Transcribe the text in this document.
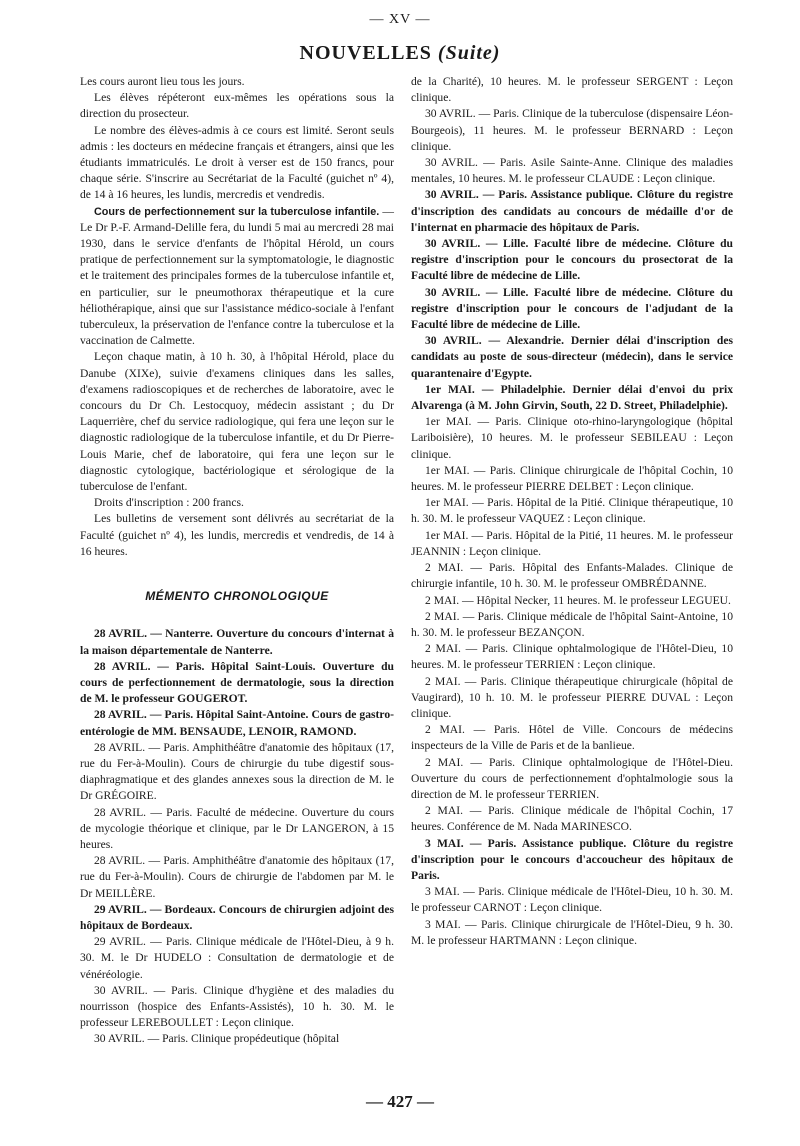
— XV —
NOUVELLES (Suite)

Les cours auront lieu tous les jours.

Les élèves répéteront eux-mêmes les opérations sous la direction du prosecteur.

Le nombre des élèves-admis à ce cours est limité. Seront seuls admis : les docteurs en médecine français et étrangers, ainsi que les étudiants immatriculés. Le droit à verser est de 150 francs, pour chaque série. S'inscrire au Secrétariat de la Faculté (guichet nº 4), de 14 à 16 heures, les lundis, mercredis et vendredis.

Cours de perfectionnement sur la tuberculose infantile. — Le Dr P.-F. Armand-Delille fera, du lundi 5 mai au mercredi 28 mai 1930, dans le service d'enfants de l'hôpital Hérold, un cours pratique de perfectionnement sur la symptomatologie, le diagnostic et le traitement des principales formes de la tuberculose infantile et, en particulier, sur le pneumothorax thérapeutique et la cure héliothérapique, ainsi que sur l'assistance médico-sociale à l'enfant tuberculeux, la préservation de l'enfance contre la tuberculose et la vaccination de Calmette.

Leçon chaque matin, à 10 h. 30, à l'hôpital Hérold, place du Danube (XIXe), suivie d'examens cliniques dans les salles, d'examens radioscopiques et de recherches de laboratoire, avec le concours du Dr Ch. Lestocquoy, médecin assistant ; du Dr Laquerrière, chef du service radiologique, qui fera une leçon sur le diagnostic radiologique de la tuberculose infantile, et du Dr Pierre-Louis Marie, chef de laboratoire, qui fera une leçon sur le diagnostic cytologique, bactériologique et sérologique de la tuberculose de l'enfant.

Droits d'inscription : 200 francs.

Les bulletins de versement sont délivrés au secrétariat de la Faculté (guichet nº 4), les lundis, mercredis et vendredis, de 14 à 16 heures.

MÉMENTO CHRONOLOGIQUE

28 AVRIL. — Nanterre. Ouverture du concours d'internat à la maison départementale de Nanterre.

28 AVRIL. — Paris. Hôpital Saint-Louis. Ouverture du cours de perfectionnement de dermatologie, sous la direction de M. le professeur GOUGEROT.

28 AVRIL. — Paris. Hôpital Saint-Antoine. Cours de gastro-entérologie de MM. BENSAUDE, LENOIR, RAMOND.

28 AVRIL. — Paris. Amphithéâtre d'anatomie des hôpitaux (17, rue du Fer-à-Moulin). Cours de chirurgie du tube digestif sous-diaphragmatique et des glandes annexes sous la direction de M. le Dr GRÉGOIRE.

28 AVRIL. — Paris. Faculté de médecine. Ouverture du cours de mycologie théorique et clinique, par le Dr LANGERON, à 15 heures.

28 AVRIL. — Paris. Amphithéâtre d'anatomie des hôpitaux (17, rue du Fer-à-Moulin). Cours de chirurgie de l'abdomen par M. le Dr MEILLÈRE.

29 AVRIL. — Bordeaux. Concours de chirurgien adjoint des hôpitaux de Bordeaux.

29 AVRIL. — Paris. Clinique médicale de l'Hôtel-Dieu, à 9 h. 30. M. le Dr HUDELO : Consultation de dermatologie et de vénéréologie.

30 AVRIL. — Paris. Clinique d'hygiène et des maladies du nourrisson (hospice des Enfants-Assistés), 10 h. 30. M. le professeur LEREBOULLET : Leçon clinique.

30 AVRIL. — Paris. Clinique propédeutique (hôpital

de la Charité), 10 heures. M. le professeur SERGENT : Leçon clinique.

30 AVRIL. — Paris. Clinique de la tuberculose (dispensaire Léon-Bourgeois), 11 heures. M. le professeur BERNARD : Leçon clinique.

30 AVRIL. — Paris. Asile Sainte-Anne. Clinique des maladies mentales, 10 heures. M. le professeur CLAUDE : Leçon clinique.

30 AVRIL. — Paris. Assistance publique. Clôture du registre d'inscription des candidats au concours de médaille d'or de l'internat en pharmacie des hôpitaux de Paris.

30 AVRIL. — Lille. Faculté libre de médecine. Clôture du registre d'inscription pour le concours du prosectorat de la Faculté libre de médecine de Lille.

30 AVRIL. — Lille. Faculté libre de médecine. Clôture du registre d'inscription pour le concours de l'adjudant de la Faculté libre de médecine de Lille.

30 AVRIL. — Alexandrie. Dernier délai d'inscription des candidats au poste de sous-directeur (médecin), dans le service quarantenaire d'Egypte.

1er MAI. — Philadelphie. Dernier délai d'envoi du prix Alvarenga (à M. John Girvin, South, 22 D. Street, Philadelphie).

1er MAI. — Paris. Clinique oto-rhino-laryngologique (hôpital Lariboisière), 10 heures. M. le professeur SEBILEAU : Leçon clinique.

1er MAI. — Paris. Clinique chirurgicale de l'hôpital Cochin, 10 heures. M. le professeur PIERRE DELBET : Leçon clinique.

1er MAI. — Paris. Hôpital de la Pitié. Clinique thérapeutique, 10 h. 30. M. le professeur VAQUEZ : Leçon clinique.

1er MAI. — Paris. Hôpital de la Pitié, 11 heures. M. le professeur JEANNIN : Leçon clinique.

2 MAI. — Paris. Hôpital des Enfants-Malades. Clinique de chirurgie infantile, 10 h. 30. M. le professeur OMBRÉDANNE.

2 MAI. — Hôpital Necker, 11 heures. M. le professeur LEGUEU.

2 MAI. — Paris. Clinique médicale de l'hôpital Saint-Antoine, 10 h. 30. M. le professeur BEZANÇON.

2 MAI. — Paris. Clinique ophtalmologique de l'Hôtel-Dieu, 10 heures. M. le professeur TERRIEN : Leçon clinique.

2 MAI. — Paris. Clinique thérapeutique chirurgicale (hôpital de Vaugirard), 10 h. 10. M. le professeur PIERRE DUVAL : Leçon clinique.

2 MAI. — Paris. Hôtel de Ville. Concours de médecins inspecteurs de la Ville de Paris et de la banlieue.

2 MAI. — Paris. Clinique ophtalmologique de l'Hôtel-Dieu. Ouverture du cours de perfectionnement d'ophtalmologie sous la direction de M. le professeur TERRIEN.

2 MAI. — Paris. Clinique médicale de l'hôpital Cochin, 17 heures. Conférence de M. Nada MARINESCO.

3 MAI. — Paris. Assistance publique. Clôture du registre d'inscription pour le concours d'accoucheur des hôpitaux de Paris.

3 MAI. — Paris. Clinique médicale de l'Hôtel-Dieu, 10 h. 30. M. le professeur CARNOT : Leçon clinique.

3 MAI. — Paris. Clinique chirurgicale de l'Hôtel-Dieu, 9 h. 30. M. le professeur HARTMANN : Leçon clinique.

— 427 —
